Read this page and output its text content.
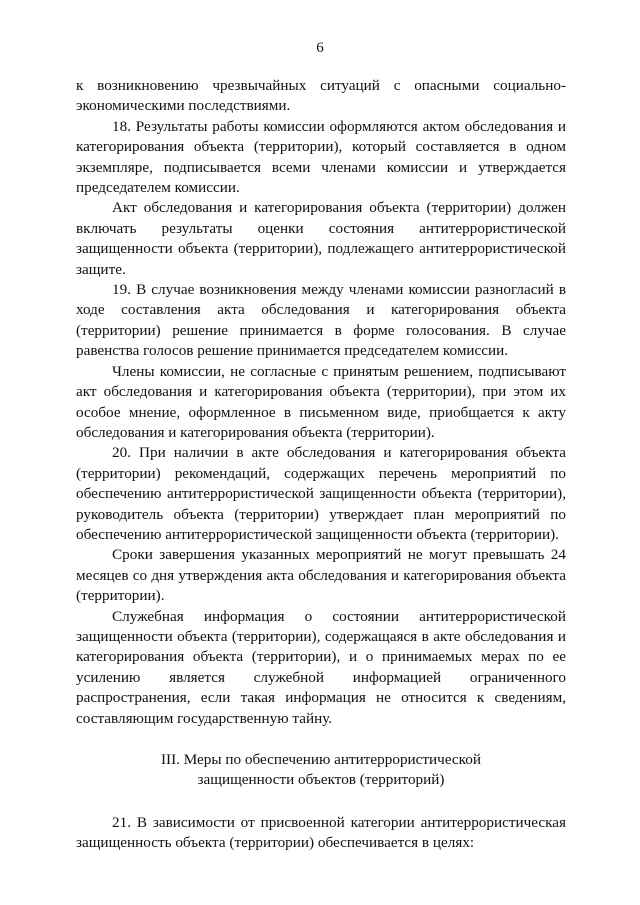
6

к возникновению чрезвычайных ситуаций с опасными социально-экономическими последствиями.

18. Результаты работы комиссии оформляются актом обследования и категорирования объекта (территории), который составляется в одном экземпляре, подписывается всеми членами комиссии и утверждается председателем комиссии.

Акт обследования и категорирования объекта (территории) должен включать результаты оценки состояния антитеррористической защищенности объекта (территории), подлежащего антитеррористической защите.

19. В случае возникновения между членами комиссии разногласий в ходе составления акта обследования и категорирования объекта (территории) решение принимается в форме голосования. В случае равенства голосов решение принимается председателем комиссии.

Члены комиссии, не согласные с принятым решением, подписывают акт обследования и категорирования объекта (территории), при этом их особое мнение, оформленное в письменном виде, приобщается к акту обследования и категорирования объекта (территории).

20. При наличии в акте обследования и категорирования объекта (территории) рекомендаций, содержащих перечень мероприятий по обеспечению антитеррористической защищенности объекта (территории), руководитель объекта (территории) утверждает план мероприятий по обеспечению антитеррористической защищенности объекта (территории).

Сроки завершения указанных мероприятий не могут превышать 24 месяцев со дня утверждения акта обследования и категорирования объекта (территории).

Служебная информация о состоянии антитеррористической защищенности объекта (территории), содержащаяся в акте обследования и категорирования объекта (территории), и о принимаемых мерах по ее усилению является служебной информацией ограниченного распространения, если такая информация не относится к сведениям, составляющим государственную тайну.

III. Меры по обеспечению антитеррористической
защищенности объектов (территорий)

21. В зависимости от присвоенной категории антитеррористическая защищенность объекта (территории) обеспечивается в целях:
